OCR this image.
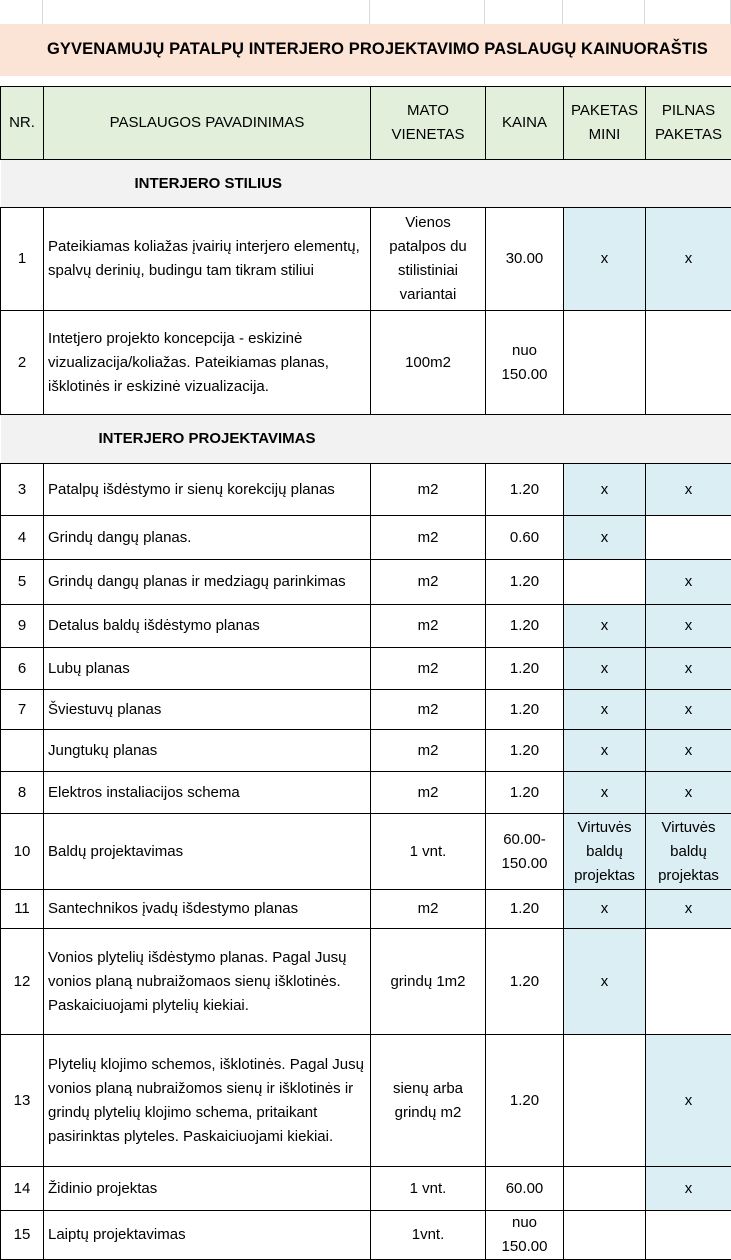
GYVENAMUJŲ PATALPŲ INTERJERO PROJEKTAVIMO PASLAUGŲ KAINUORAŠTIS
NR.	PASLAUGOS PAVADINIMAS	MATO VIENETAS	KAINA	PAKETAS MINI	PILNAS PAKETAS
INTERJERO STILIUS					
1	Pateikiamas koliažas įvairių interjero elementų, spalvų derinių, budingu tam tikram stiliui	Vienos patalpos du stilistiniai variantai	30.00	x	x
2	Intetjero projekto koncepcija - eskizinė vizualizacija/koliažas. Pateikiamas planas, išklotinės ir eskizinė vizualizacija.	100m2	nuo 150.00		
INTERJERO PROJEKTAVIMAS					
3	Patalpų išdėstymo ir sienų korekcijų planas	m2	1.20	x	x
4	Grindų dangų planas.	m2	0.60	x	
5	Grindų dangų planas ir medziagų parinkimas	m2	1.20		x
9	Detalus baldų išdėstymo planas	m2	1.20	x	x
6	Lubų planas	m2	1.20	x	x
7	Šviestuvų planas	m2	1.20	x	x
	Jungtukų planas	m2	1.20	x	x
8	Elektros instaliacijos schema	m2	1.20	x	x
10	Baldų projektavimas	1 vnt.	60.00-150.00	Virtuvės baldų projektas	Virtuvės baldų projektas
11	Santechnikos įvadų išdestymo planas	m2	1.20	x	x
12	Vonios plytelių išdėstymo planas. Pagal Jusų vonios planą nubraižomaos sienų išklotinės. Paskaiciuojami plytelių kiekiai.	grindų 1m2	1.20	x	
13	Plytelių klojimo schemos, išklotinės. Pagal Jusų vonios planą nubraižomos sienų ir išklotinės ir grindų plytelių klojimo schema, pritaikant pasirinktas plyteles. Paskaiciuojami kiekiai.	sienų arba grindų m2	1.20		x
14	Židinio projektas	1 vnt.	60.00		x
15	Laiptų projektavimas	1vnt.	nuo 150.00		
